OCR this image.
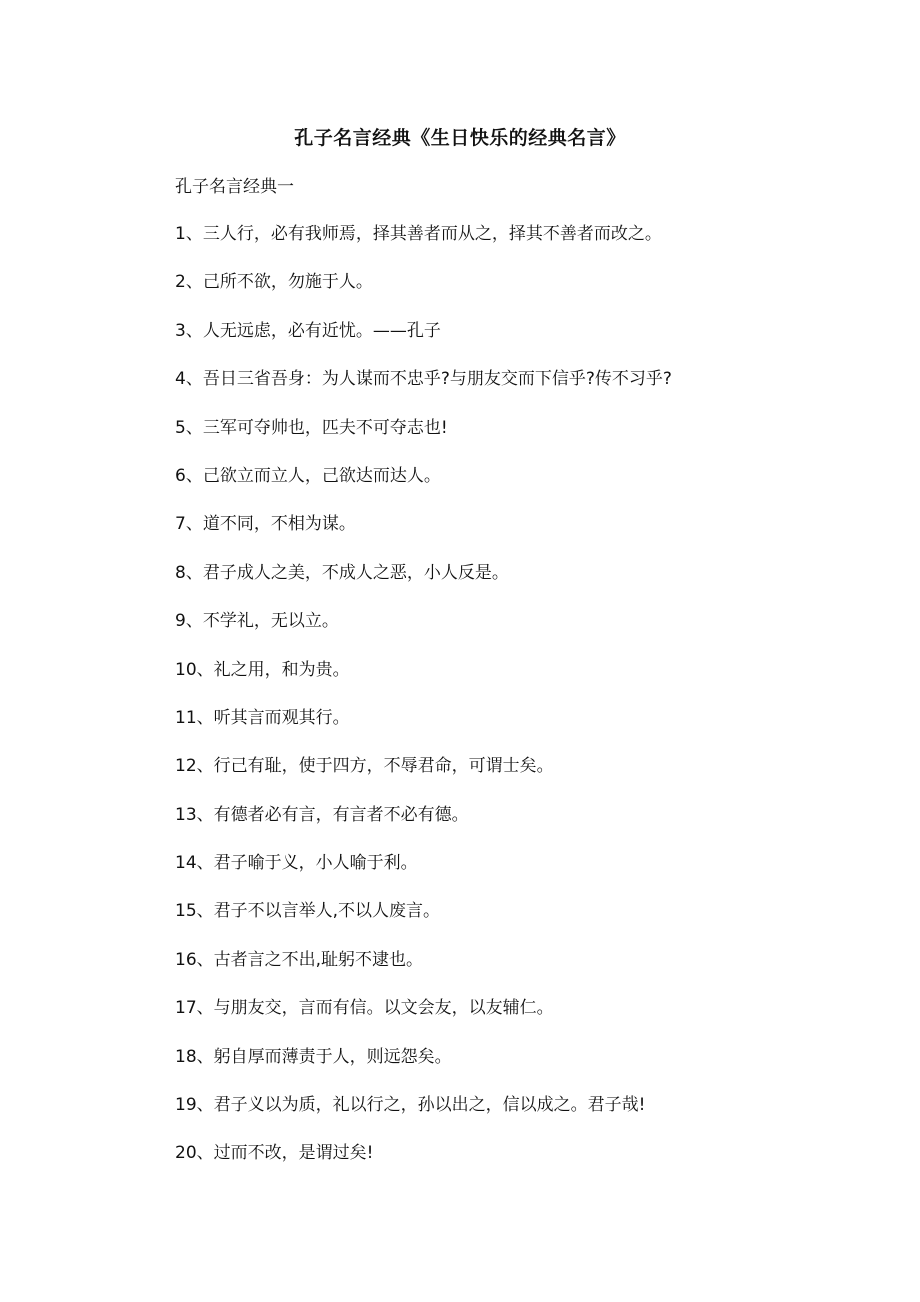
孔子名言经典《生日快乐的经典名言》
孔子名言经典一
1、三人行，必有我师焉，择其善者而从之，择其不善者而改之。
2、己所不欲，勿施于人。
3、人无远虑，必有近忧。——孔子
4、吾日三省吾身：为人谋而不忠乎?与朋友交而下信乎?传不习乎?
5、三军可夺帅也，匹夫不可夺志也!
6、己欲立而立人，己欲达而达人。
7、道不同，不相为谋。
8、君子成人之美，不成人之恶，小人反是。
9、不学礼，无以立。
10、礼之用，和为贵。
11、听其言而观其行。
12、行己有耻，使于四方，不辱君命，可谓士矣。
13、有德者必有言，有言者不必有德。
14、君子喻于义，小人喻于利。
15、君子不以言举人,不以人废言。
16、古者言之不出,耻躬不逮也。
17、与朋友交，言而有信。以文会友，以友辅仁。
18、躬自厚而薄责于人，则远怨矣。
19、君子义以为质，礼以行之，孙以出之，信以成之。君子哉!
20、过而不改，是谓过矣!
